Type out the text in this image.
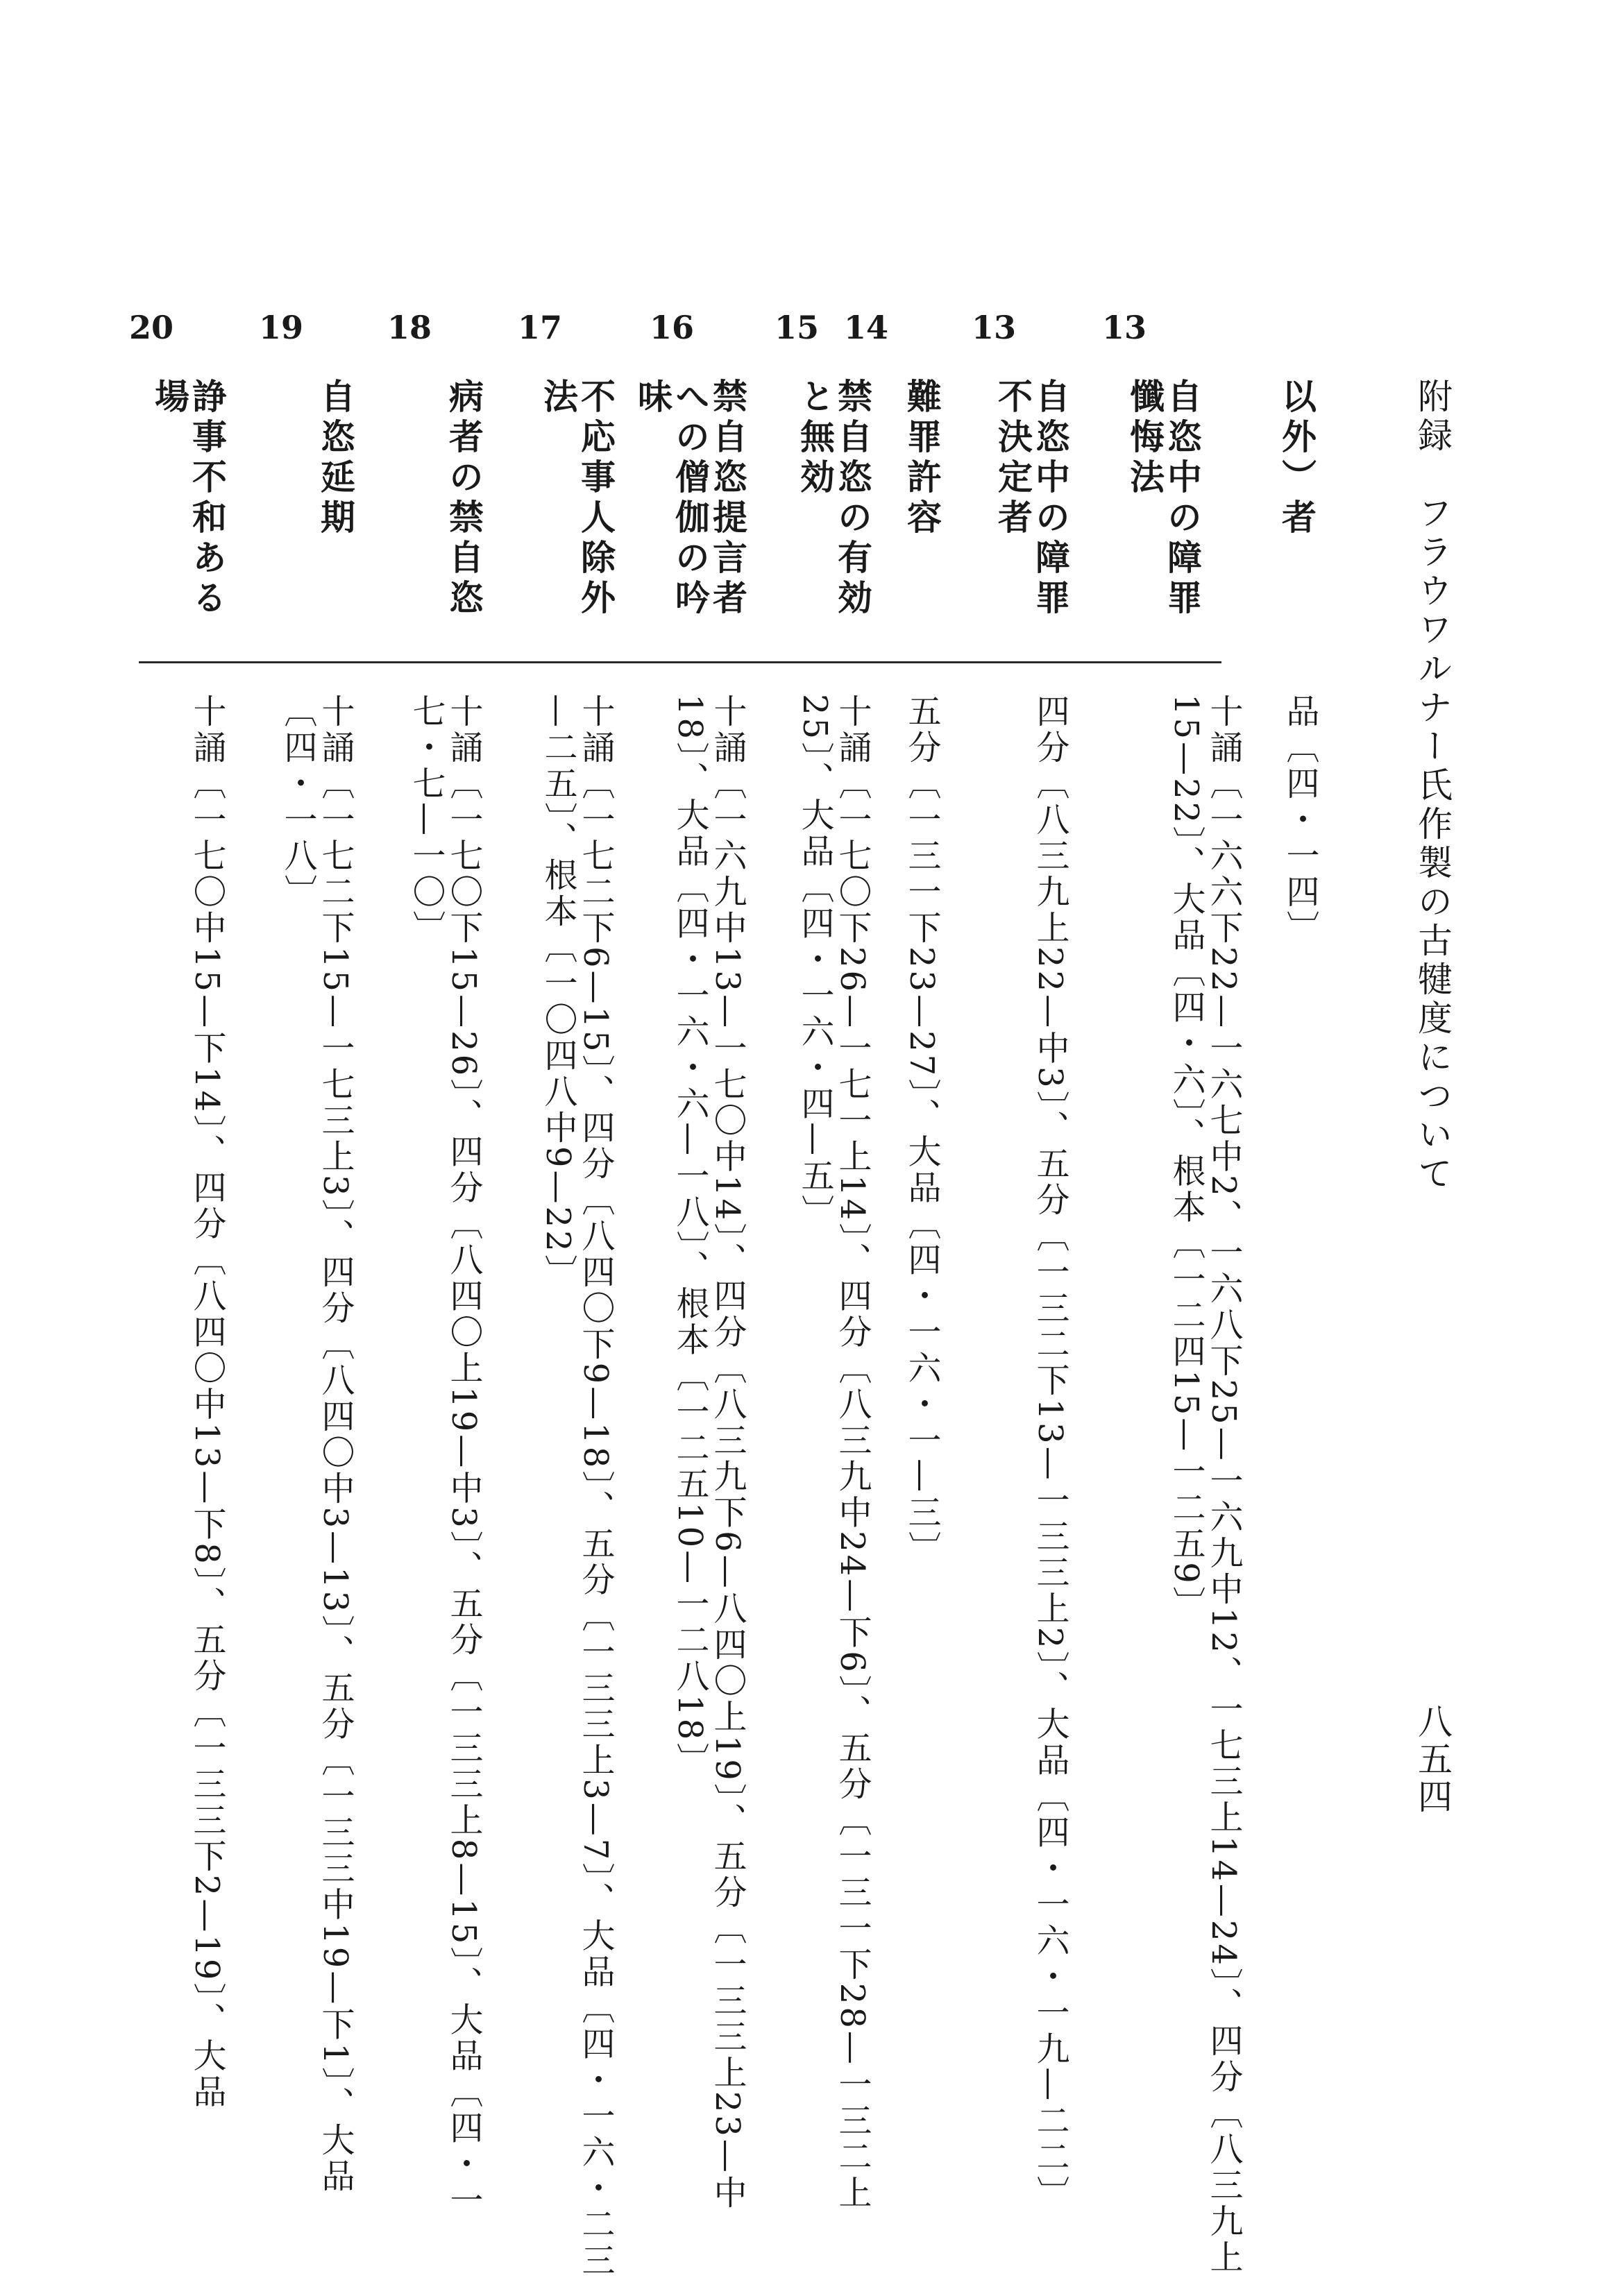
附録　フラウワルナー氏作製の古犍度について
八五四
以外）者
品〔四・一四〕
13
自恣中の障罪懺悔法
十誦〔一六六下22—一六七中2、一六八下25—一六九中12、一七三上14—24〕、四分〔八三九上15—22〕、大品〔四・六〕、根本〔一二四15—一二五9〕
13
自恣中の障罪不決定者
四分〔八三九上22—中3〕、五分〔一三二下13—一三三上2〕、大品〔四・一六・一九—二二〕
14
難罪許容
五分〔一三一下23—27〕、大品〔四・一六・一—三〕
15
禁自恣の有効と無効
十誦〔一七〇下26—一七一上14〕、四分〔八三九中24—下6〕、五分〔一三一下28—一三二上25〕、大品〔四・一六・四—五〕
16
禁自恣提言者への僧伽の吟味
十誦〔一六九中13—一七〇中14〕、四分〔八三九下6—八四〇上19〕、五分〔一三三上23—中18〕、大品〔四・一六・六—一八〕、根本〔一二五10—一二八18〕
17
不応事人除外法
十誦〔一七二下6—15〕、四分〔八四〇下9—18〕、五分〔一三三上3—7〕、大品〔四・一六・二三—二五〕、根本〔一〇四八中9—22〕
18
病者の禁自恣
十誦〔一七〇下15—26〕、四分〔八四〇上19—中3〕、五分〔一三三上8—15〕、大品〔四・一七・七—一〇〕
19
自恣延期
十誦〔一七二下15—一七三上3〕、四分〔八四〇中3—13〕、五分〔一三三中19—下1〕、大品〔四・一八〕
20
諍事不和ある場
十誦〔一七〇中15—下14〕、四分〔八四〇中13—下8〕、五分〔一三三下2—19〕、大品
